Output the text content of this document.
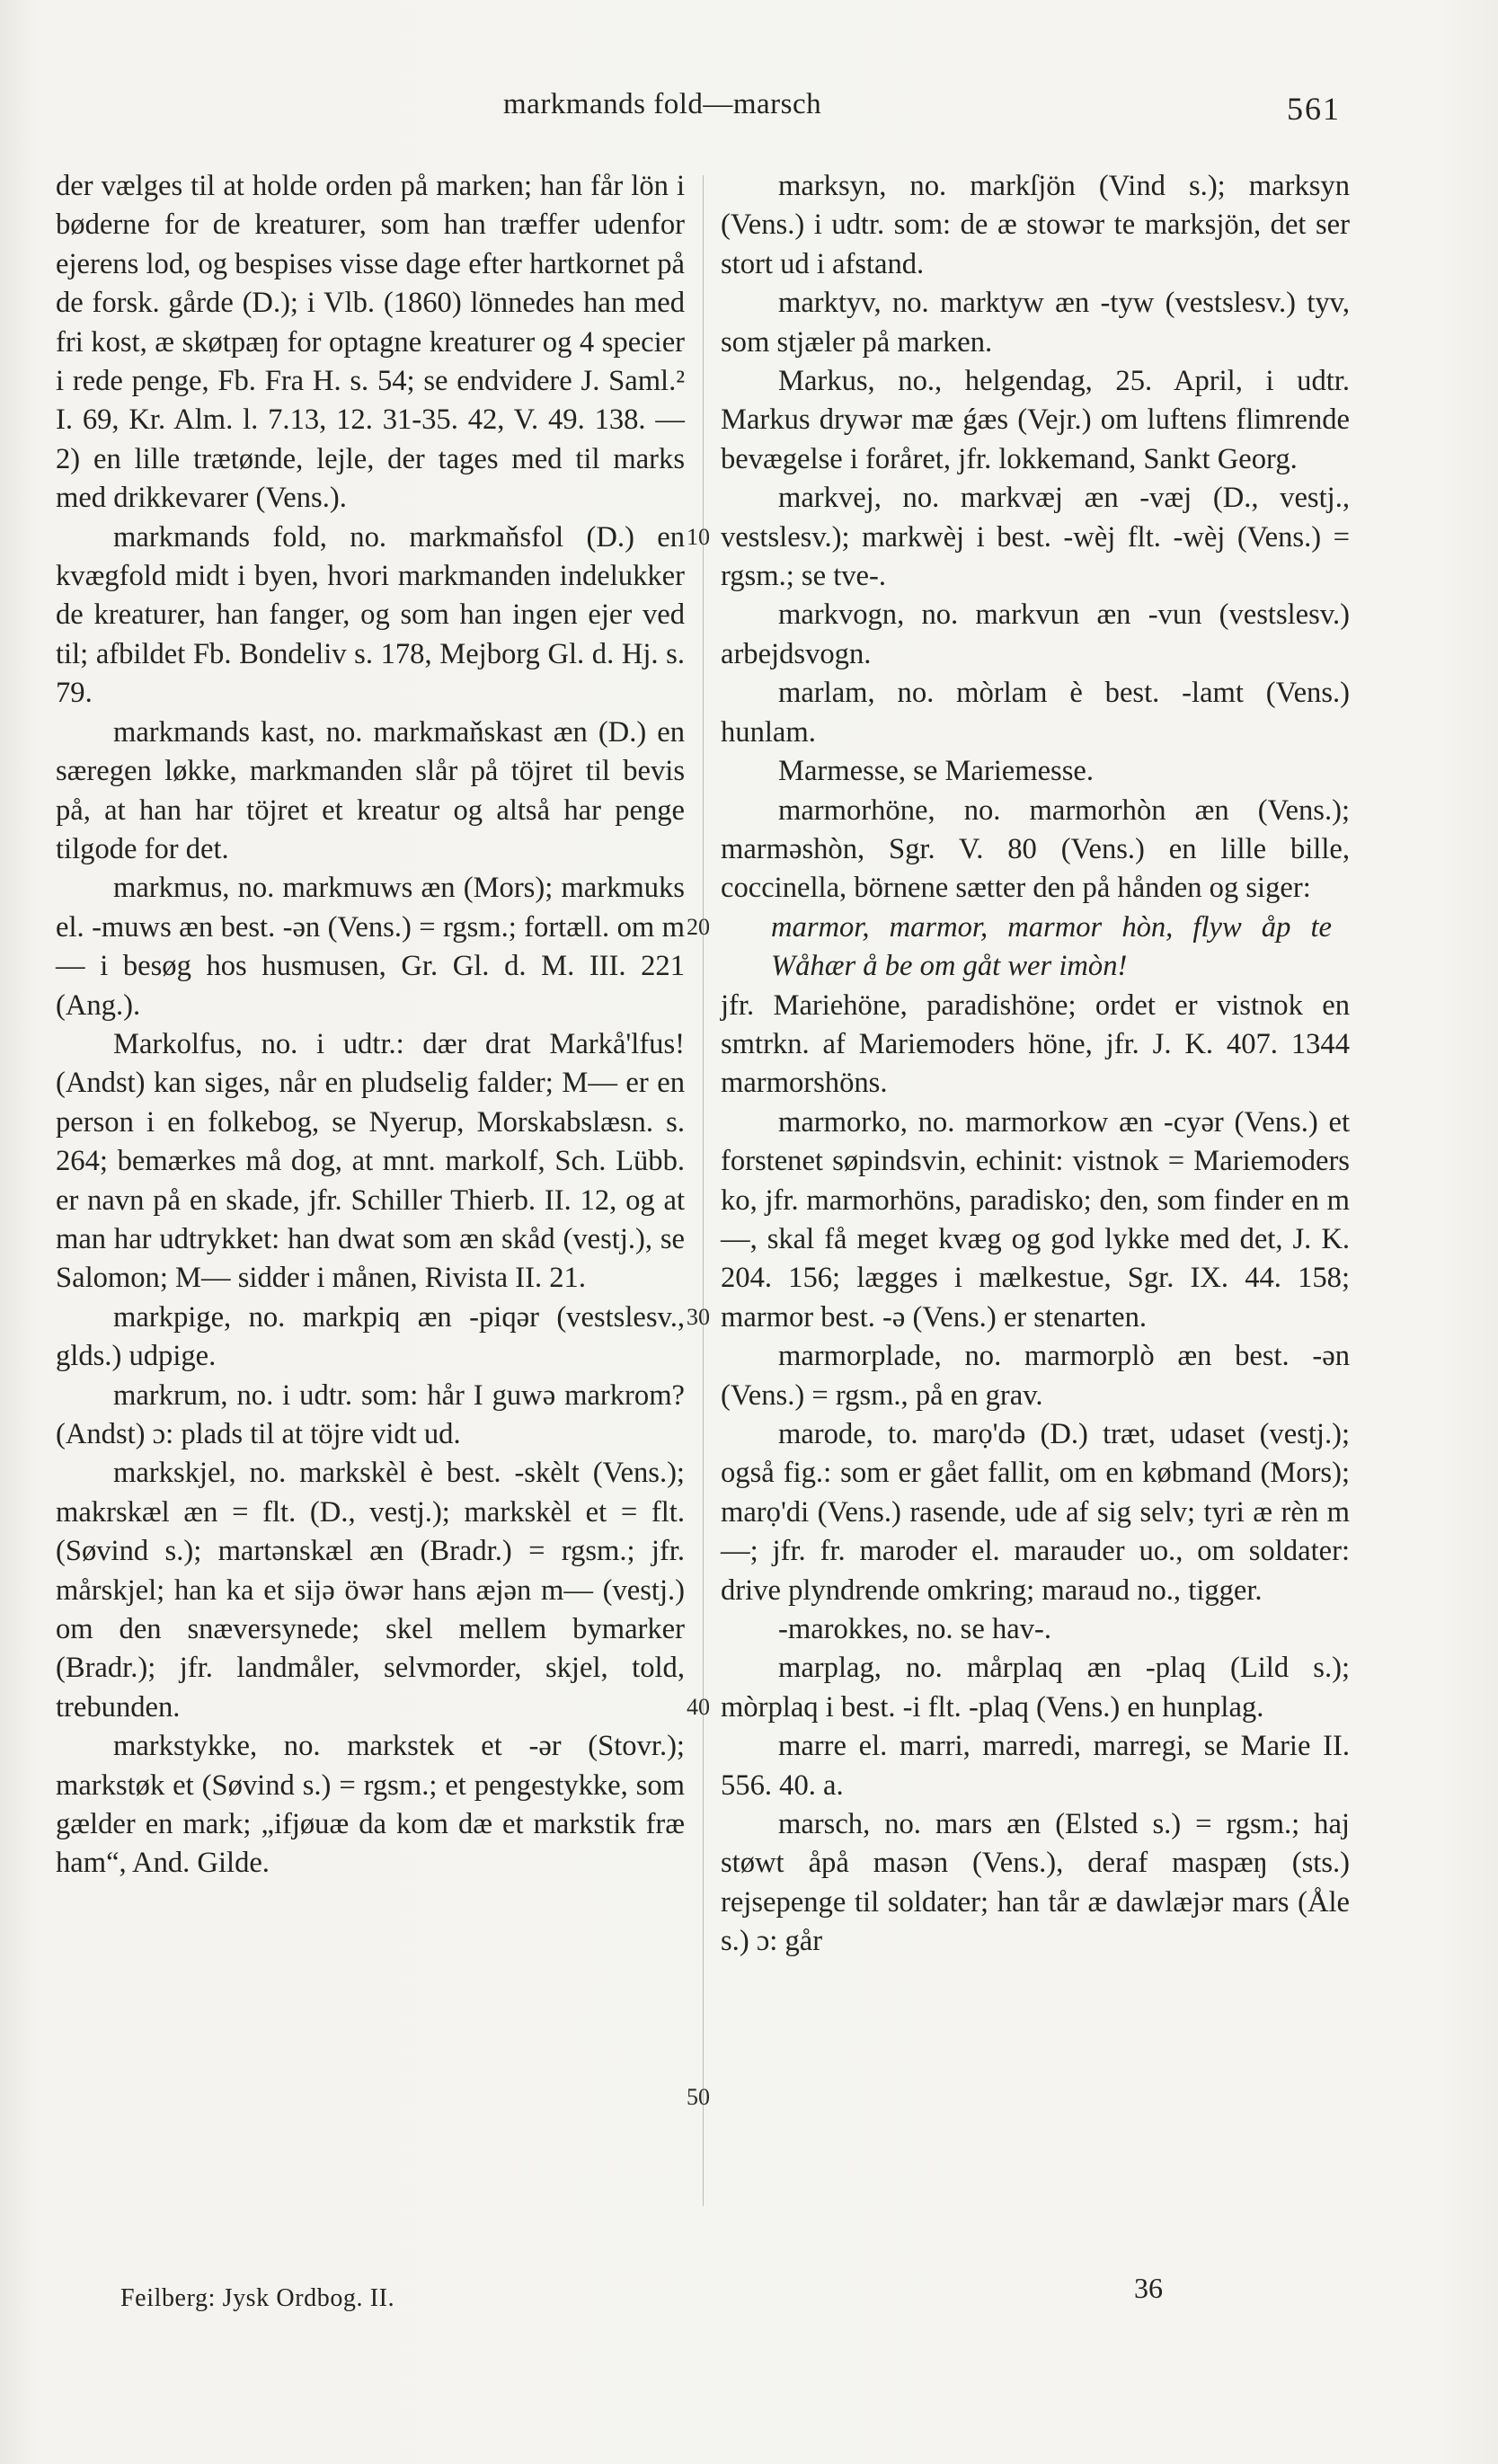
markmands fold—marsch	561

der vælges til at holde orden på marken; han får lön i bøderne for de kreaturer, som han træffer udenfor ejerens lod, og bespises visse dage efter hartkornet på de forsk. gårde (D.); i Vlb. (1860) lönnedes han med fri kost, æ skøtpæŋ for optagne kreaturer og 4 specier i rede penge, Fb. Fra H. s. 54; se endvidere J. Saml.² I. 69, Kr. Alm. l. 7.13, 12. 31-35. 42, V. 49. 138. — 2) en lille trætønde, lejle, der tages med til marks med drikkevarer (Vens.).

markmands fold, no. markmaňsfol (D.) en kvægfold midt i byen, hvori markmanden indelukker de kreaturer, han fanger, og som han ingen ejer ved til; afbildet Fb. Bondeliv s. 178, Mejborg Gl. d. Hj. s. 79.

markmands kast, no. markmaňskast æn (D.) en særegen løkke, markmanden slår på töjret til bevis på, at han har töjret et kreatur og altså har penge tilgode for det.

markmus, no. markmuws æn (Mors); markmuks el. -muws æn best. -ən (Vens.) = rgsm.; fortæll. om m— i besøg hos husmusen, Gr. Gl. d. M. III. 221 (Ang.).

Markolfus, no. i udtr.: dær drat Markå'lfus! (Andst) kan siges, når en pludselig falder; M— er en person i en folkebog, se Nyerup, Morskabslæsn. s. 264; bemærkes må dog, at mnt. markolf, Sch. Lübb. er navn på en skade, jfr. Schiller Thierb. II. 12, og at man har udtrykket: han dwat som æn skåd (vestj.), se Salomon; M— sidder i månen, Rivista II. 21.

markpige, no. markpiq æn -piqər (vestslesv., glds.) udpige.

markrum, no. i udtr. som: hår I guwə markrom? (Andst) ɔ: plads til at töjre vidt ud.

markskjel, no. markskèl è best. -skèlt (Vens.); makrskæl æn = flt. (D., vestj.); markskèl et = flt. (Søvind s.); martənskæl æn (Bradr.) = rgsm.; jfr. mårskjel; han ka et sijə öwər hans æjən m— (vestj.) om den snæversynede; skel mellem bymarker (Bradr.); jfr. landmåler, selvmorder, skjel, told, trebunden.

markstykke, no. markstek et -ər (Stovr.); markstøk et (Søvind s.) = rgsm.; et pengestykke, som gælder en mark; „ifjøuæ da kom dæ et markstik fræ ham“, And. Gilde.

10
20
30
40
50

marksyn, no. markſjön (Vind s.); marksyn (Vens.) i udtr. som: de æ stowər te marksjön, det ser stort ud i afstand.

marktyv, no. marktyw æn -tyw (vestslesv.) tyv, som stjæler på marken.

Markus, no., helgendag, 25. April, i udtr. Markus drywər mæ ǵæs (Vejr.) om luftens flimrende bevægelse i foråret, jfr. lokkemand, Sankt Georg.

markvej, no. markvæj æn -væj (D., vestj., vestslesv.); markwèj i best. -wèj flt. -wèj (Vens.) = rgsm.; se tve-.

markvogn, no. markvun æn -vun (vestslesv.) arbejdsvogn.

marlam, no. mòrlam è best. -lamt (Vens.) hunlam.

Marmesse, se Mariemesse.

marmorhöne, no. marmorhòn æn (Vens.); marməshòn, Sgr. V. 80 (Vens.) en lille bille, coccinella, börnene sætter den på hånden og siger:

marmor, marmor, marmor hòn, flyw åp te Wåhær å be om gåt wer imòn!

jfr. Mariehöne, paradishöne; ordet er vistnok en smtrkn. af Mariemoders höne, jfr. J. K. 407. 1344 marmorshöns.

marmorko, no. marmorkow æn -cyər (Vens.) et forstenet søpindsvin, echinit: vistnok = Mariemoders ko, jfr. marmorhöns, paradisko; den, som finder en m—, skal få meget kvæg og god lykke med det, J. K. 204. 156; lægges i mælkestue, Sgr. IX. 44. 158; marmor best. -ə (Vens.) er stenarten.

marmorplade, no. marmorplò æn best. -ən (Vens.) = rgsm., på en grav.

marode, to. marọ'də (D.) træt, udaset (vestj.); også fig.: som er gået fallit, om en købmand (Mors); marọ'di (Vens.) rasende, ude af sig selv; tyri æ rèn m—; jfr. fr. maroder el. marauder uo., om soldater: drive plyndrende omkring; maraud no., tigger.

-marokkes, no. se hav-.

marplag, no. mårplaq æn -plaq (Lild s.); mòrplaq i best. -i flt. -plaq (Vens.) en hunplag.

marre el. marri, marredi, marregi, se Marie II. 556. 40. a.

marsch, no. mars æn (Elsted s.) = rgsm.; haj støwt åpå masən (Vens.), deraf maspæŋ (sts.) rejsepenge til soldater; han tår æ dawlæjər mars (Åle s.) ɔ: går

Feilberg: Jysk Ordbog. II.	36
